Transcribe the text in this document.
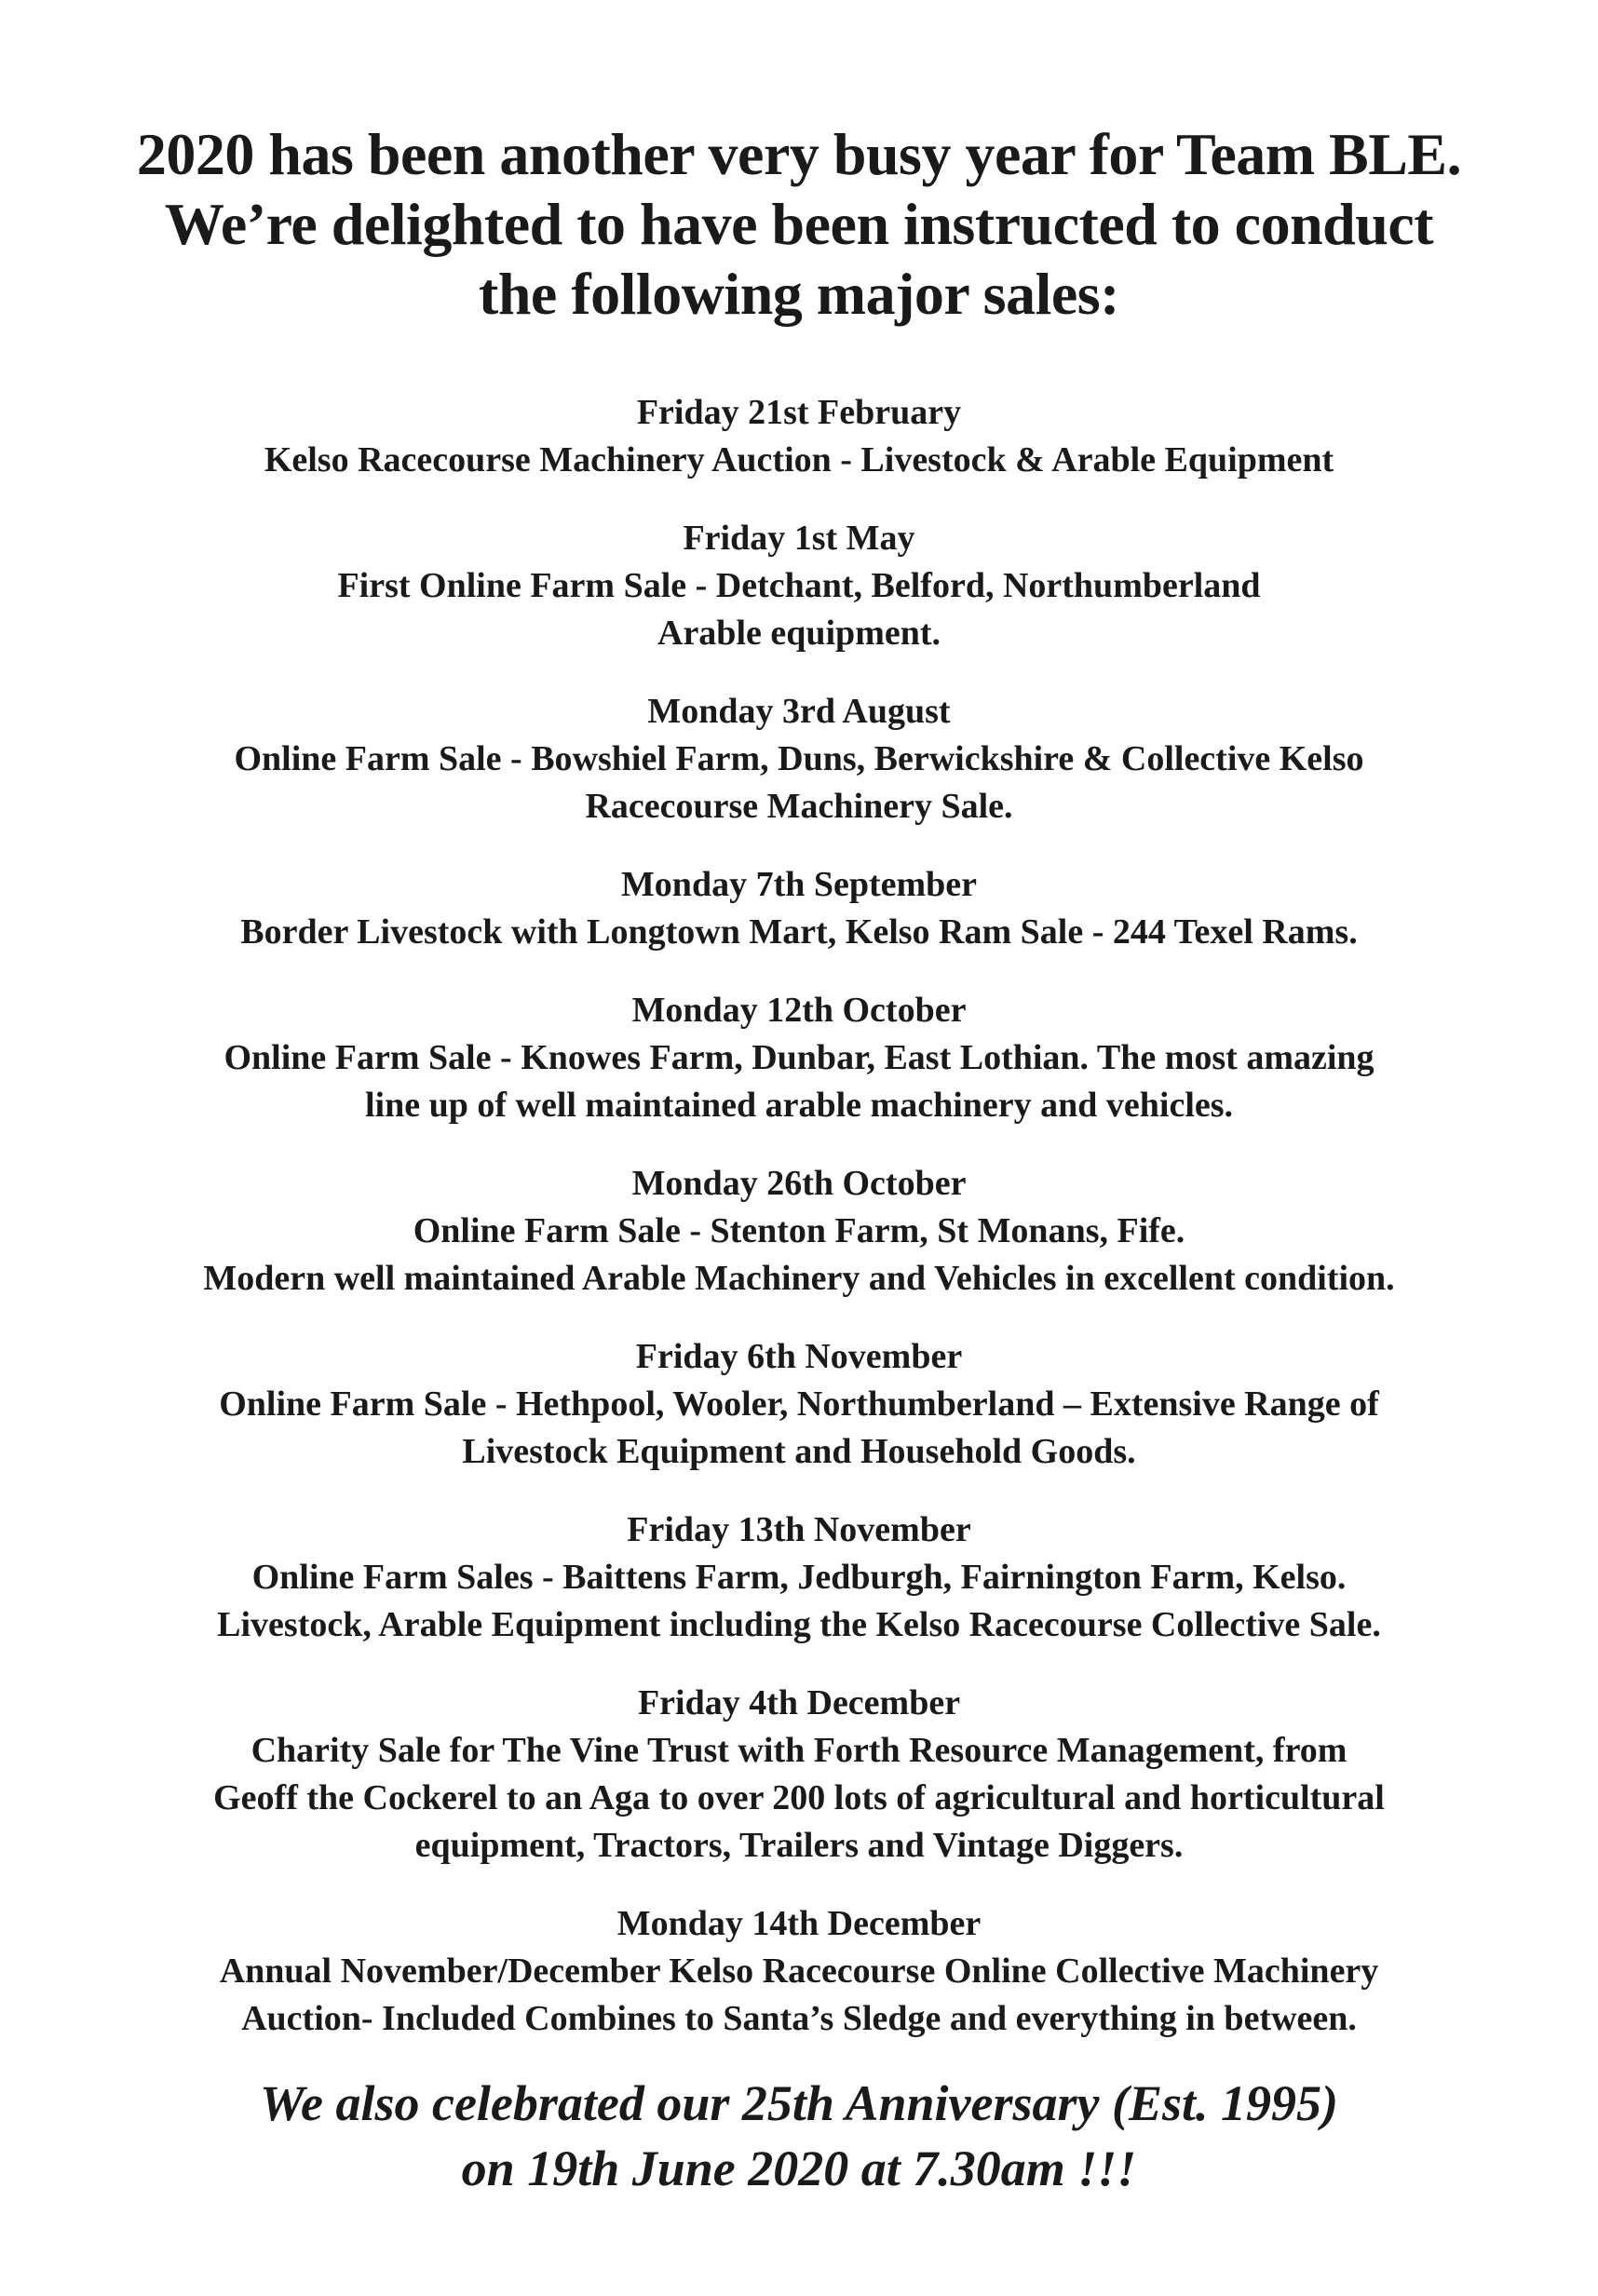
2020 has been another very busy year for Team BLE.
We’re delighted to have been instructed to conduct
the following major sales:
Friday 21st February
Kelso Racecourse Machinery Auction - Livestock & Arable Equipment
Friday 1st May
First Online Farm Sale - Detchant, Belford, Northumberland
Arable equipment.
Monday 3rd August
Online Farm Sale - Bowshiel Farm, Duns, Berwickshire & Collective Kelso
Racecourse Machinery Sale.
Monday 7th September
Border Livestock with Longtown Mart, Kelso Ram Sale - 244 Texel Rams.
Monday 12th October
Online Farm Sale - Knowes Farm, Dunbar, East Lothian. The most amazing
line up of well maintained arable machinery and vehicles.
Monday 26th October
Online Farm Sale - Stenton Farm, St Monans, Fife.
Modern well maintained Arable Machinery and Vehicles in excellent condition.
Friday 6th November
Online Farm Sale - Hethpool, Wooler, Northumberland – Extensive Range of
Livestock Equipment and Household Goods.
Friday 13th November
Online Farm Sales - Baittens Farm, Jedburgh, Fairnington Farm, Kelso.
Livestock, Arable Equipment including the Kelso Racecourse Collective Sale.
Friday 4th December
Charity Sale for The Vine Trust with Forth Resource Management, from
Geoff the Cockerel to an Aga to over 200 lots of agricultural and horticultural
equipment, Tractors, Trailers and Vintage Diggers.
Monday 14th December
Annual November/December Kelso Racecourse Online Collective Machinery
Auction- Included Combines to Santa’s Sledge and everything in between.

We also celebrated our 25th Anniversary (Est. 1995)
on 19th June 2020 at 7.30am !!!
